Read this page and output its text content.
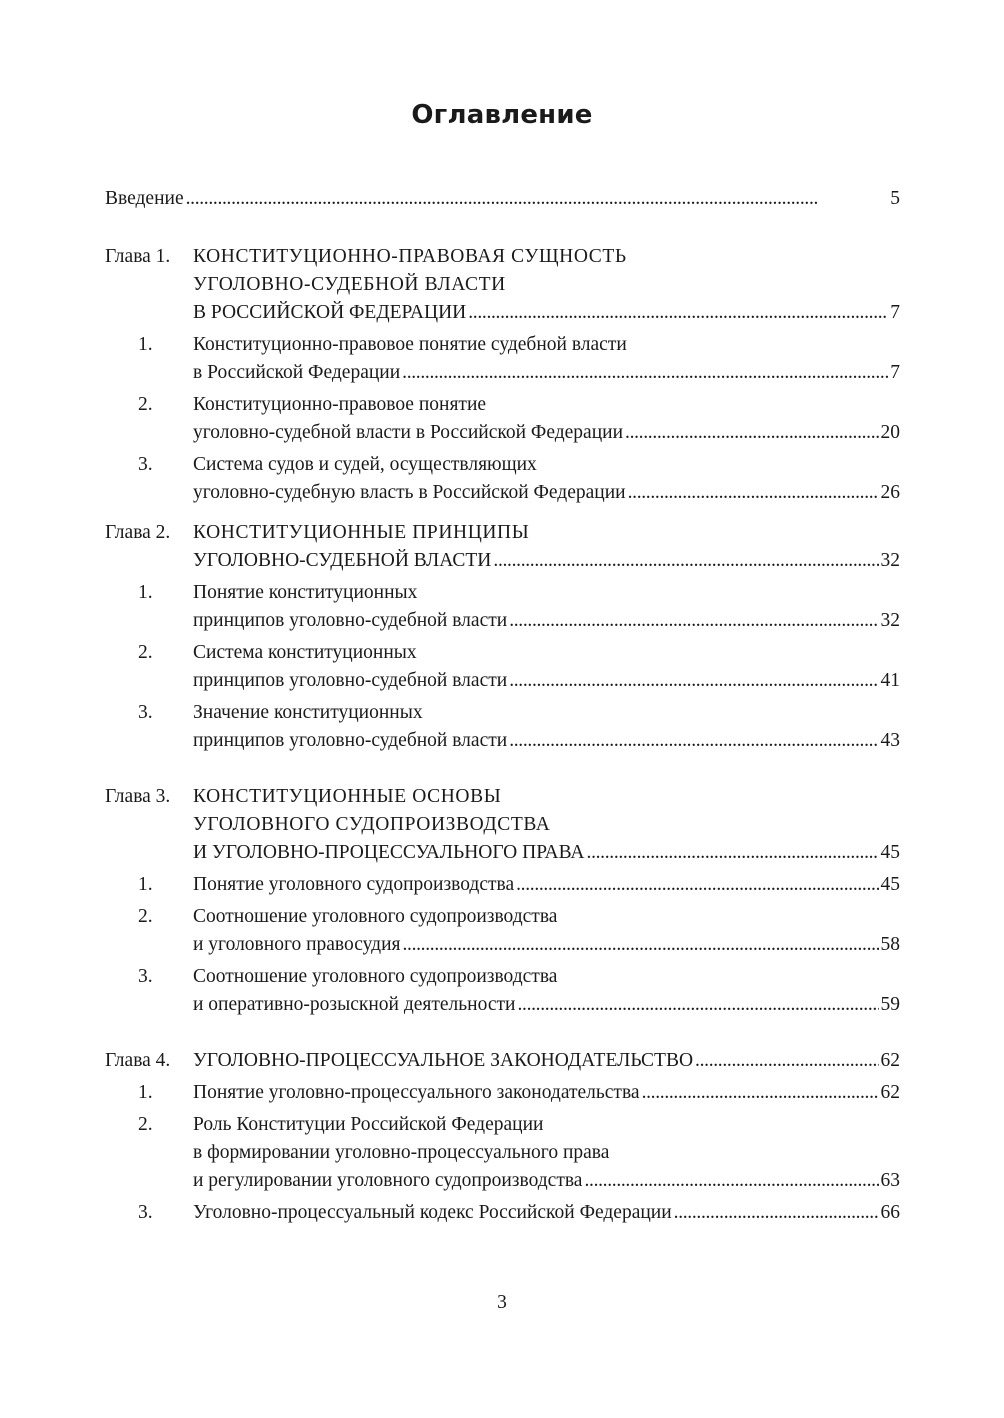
Оглавление
Введение . . .	5
Глава 1.	КОНСТИТУЦИОННО-ПРАВОВАЯ СУЩНОСТЬ
УГОЛОВНО-СУДЕБНОЙ ВЛАСТИ
В РОССИЙСКОЙ ФЕДЕРАЦИИ . . .	7
1.	Конституционно-правовое понятие судебной власти
в Российской Федерации . . .	7
2.	Конституционно-правовое понятие
уголовно-судебной власти в Российской Федерации . . .	20
3.	Система судов и судей, осуществляющих
уголовно-судебную власть в Российской Федерации . . .	26
Глава 2.	КОНСТИТУЦИОННЫЕ ПРИНЦИПЫ
УГОЛОВНО-СУДЕБНОЙ ВЛАСТИ . . .	32
1.	Понятие конституционных
принципов уголовно-судебной власти . . .	32
2.	Система конституционных
принципов уголовно-судебной власти . . .	41
3.	Значение конституционных
принципов уголовно-судебной власти . . .	43
Глава 3.	КОНСТИТУЦИОННЫЕ ОСНОВЫ
УГОЛОВНОГО СУДОПРОИЗВОДСТВА
И УГОЛОВНО-ПРОЦЕССУАЛЬНОГО ПРАВА . . .	45
1.	Понятие уголовного судопроизводства . . .	45
2.	Соотношение уголовного судопроизводства
и уголовного правосудия . . .	58
3.	Соотношение уголовного судопроизводства
и оперативно-розыскной деятельности . . .	59
Глава 4.	УГОЛОВНО-ПРОЦЕССУАЛЬНОЕ ЗАКОНОДАТЕЛЬСТВО . . .	62
1.	Понятие уголовно-процессуального законодательства . . .	62
2.	Роль Конституции Российской Федерации
в формировании уголовно-процессуального права
и регулировании уголовного судопроизводства . . .	63
3.	Уголовно-процессуальный кодекс Российской Федерации . . .	66
3
